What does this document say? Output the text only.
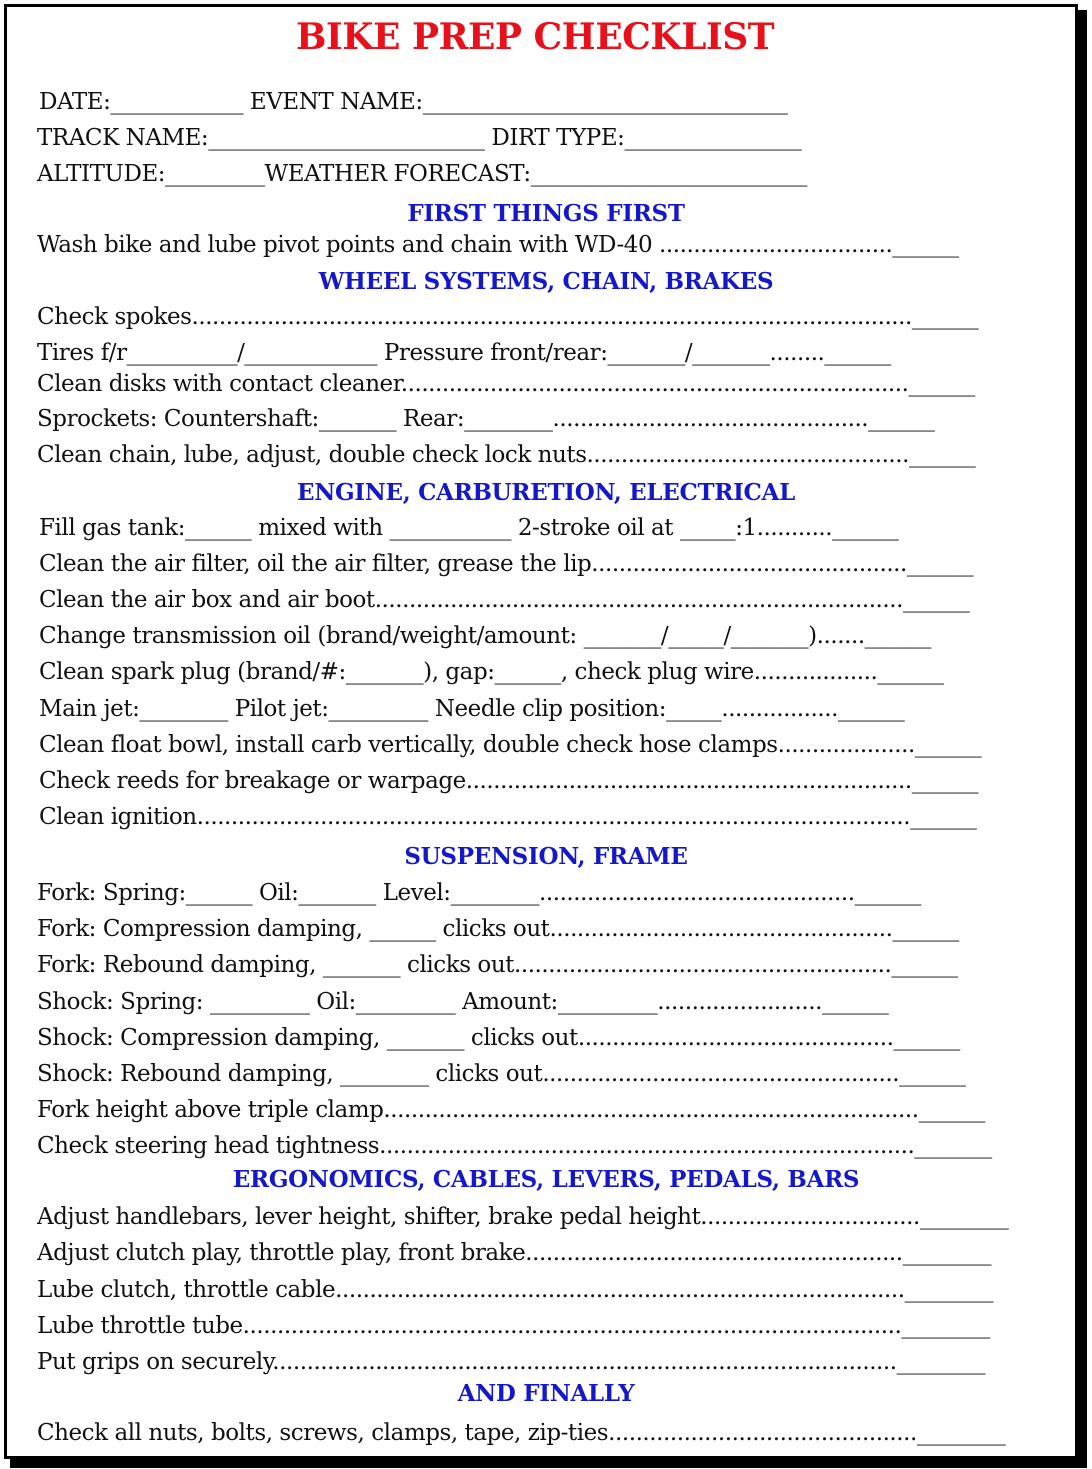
BIKE PREP CHECKLIST
DATE:____________ EVENT NAME:_________________________________
TRACK NAME:_________________________ DIRT TYPE:________________
ALTITUDE:_________WEATHER FORECAST:_________________________
FIRST THINGS FIRST
Wash bike and lube pivot points and chain with WD-40 ..................................______
WHEEL SYSTEMS, CHAIN, BRAKES
Check spokes.........................................................................................................______
Tires f/r__________/____________ Pressure front/rear:_______/_______........______
Clean disks with contact cleaner..........................................................................______
Sprockets: Countershaft:_______ Rear:________..............................................______
Clean chain, lube, adjust, double check lock nuts...............................................______
ENGINE, CARBURETION, ELECTRICAL
Fill gas tank:______ mixed with ___________ 2-stroke oil at _____:1...........______
Clean the air filter, oil the air filter, grease the lip..............................................______
Clean the air box and air boot.............................................................................______
Change transmission oil (brand/weight/amount: _______/_____/_______).......______
Clean spark plug (brand/#:_______), gap:______, check plug wire..................______
Main jet:________ Pilot jet:_________ Needle clip position:_____.................______
Clean float bowl, install carb vertically, double check hose clamps....................______
Check reeds for breakage or warpage.................................................................______
Clean ignition........................................................................................................______
SUSPENSION, FRAME
Fork: Spring:______ Oil:_______ Level:________..............................................______
Fork: Compression damping, ______ clicks out..................................................______
Fork: Rebound damping, _______ clicks out.......................................................______
Shock: Spring: _________ Oil:_________ Amount:_________........................______
Shock: Compression damping, _______ clicks out..............................................______
Shock: Rebound damping, ________ clicks out....................................................______
Fork height above triple clamp..............................................................................______
Check steering head tightness.............................................................................._______
ERGONOMICS, CABLES, LEVERS, PEDALS, BARS
Adjust handlebars, lever height, shifter, brake pedal height................................________
Adjust clutch play, throttle play, front brake.......................................................________
Lube clutch, throttle cable...................................................................................________
Lube throttle tube................................................................................................________
Put grips on securely...........................................................................................________
AND FINALLY
Check all nuts, bolts, screws, clamps, tape, zip-ties.............................................________
